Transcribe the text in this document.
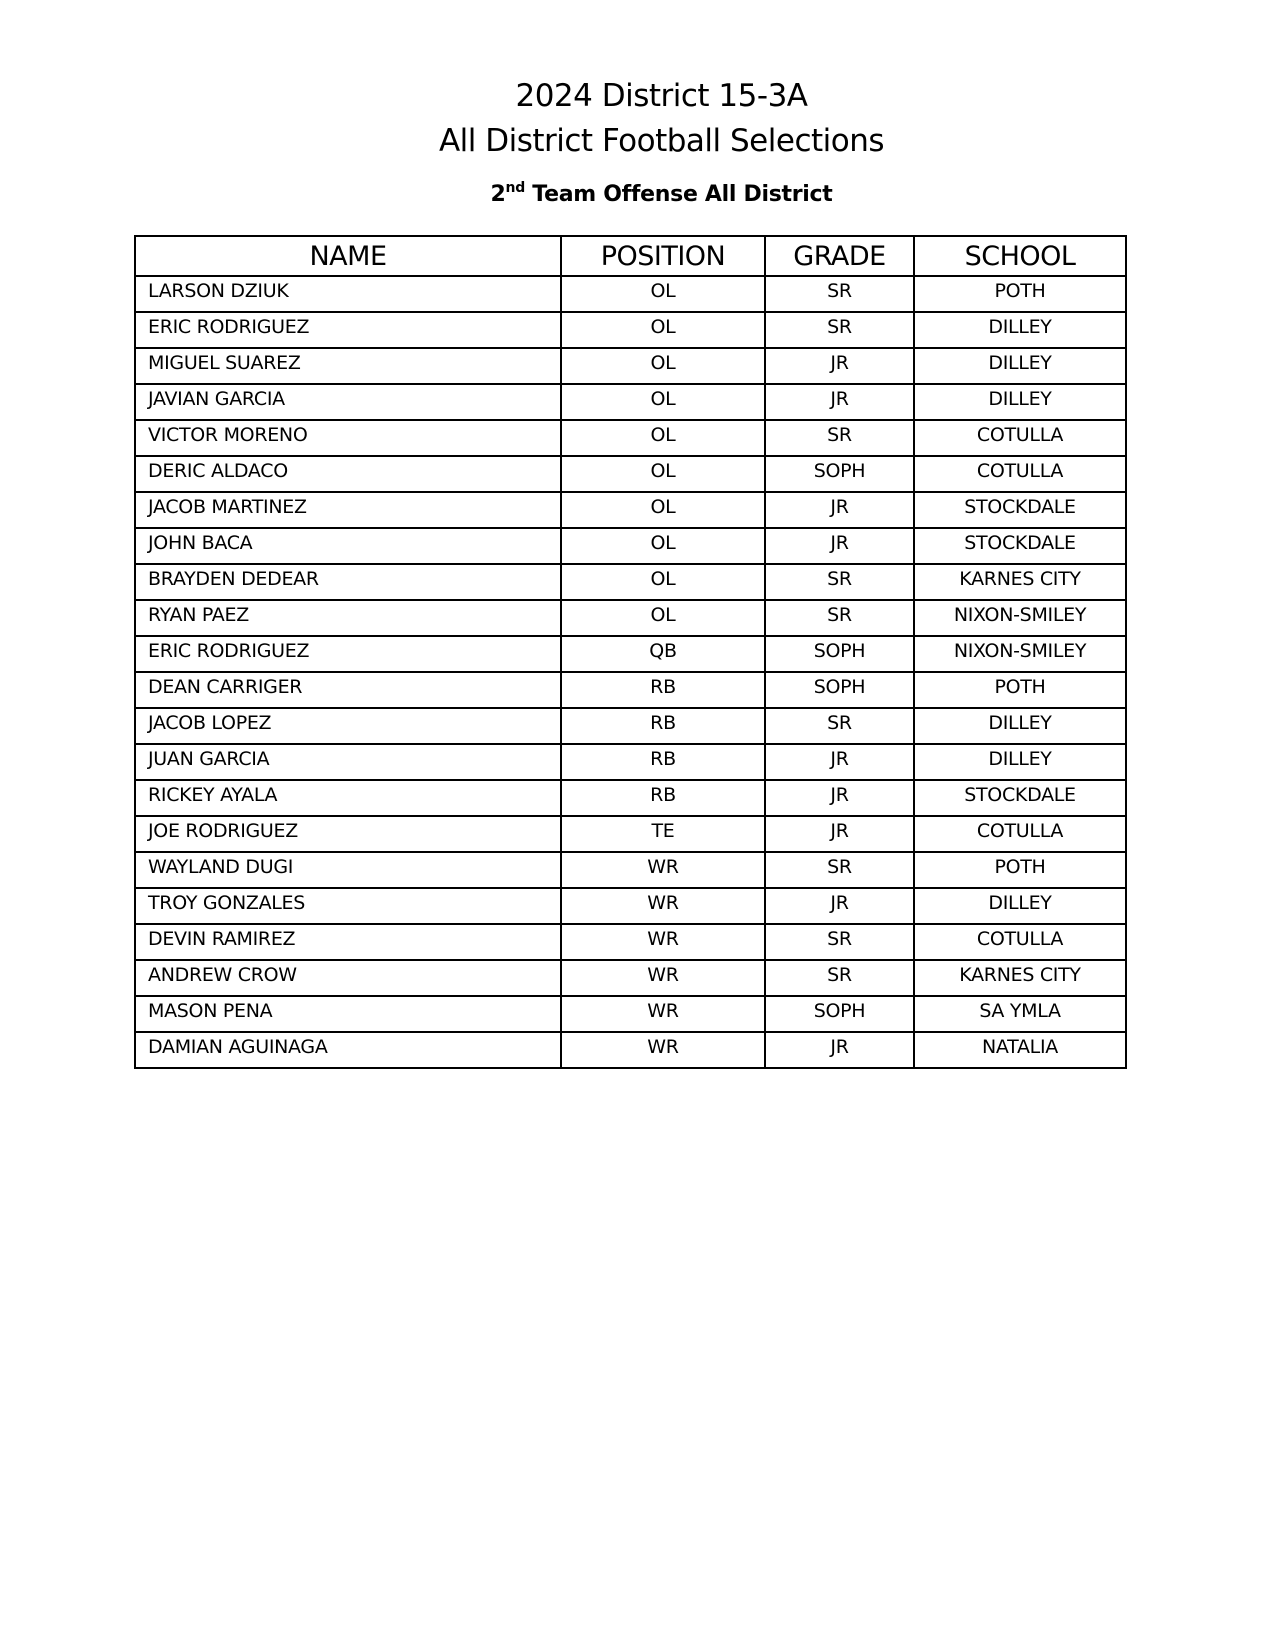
2024 District 15-3A
All District Football Selections
2nd Team Offense All District
NAME	POSITION	GRADE	SCHOOL
LARSON DZIUK	OL	SR	POTH
ERIC RODRIGUEZ	OL	SR	DILLEY
MIGUEL SUAREZ	OL	JR	DILLEY
JAVIAN GARCIA	OL	JR	DILLEY
VICTOR MORENO	OL	SR	COTULLA
DERIC ALDACO	OL	SOPH	COTULLA
JACOB MARTINEZ	OL	JR	STOCKDALE
JOHN BACA	OL	JR	STOCKDALE
BRAYDEN DEDEAR	OL	SR	KARNES CITY
RYAN PAEZ	OL	SR	NIXON-SMILEY
ERIC RODRIGUEZ	QB	SOPH	NIXON-SMILEY
DEAN CARRIGER	RB	SOPH	POTH
JACOB LOPEZ	RB	SR	DILLEY
JUAN GARCIA	RB	JR	DILLEY
RICKEY AYALA	RB	JR	STOCKDALE
JOE RODRIGUEZ	TE	JR	COTULLA
WAYLAND DUGI	WR	SR	POTH
TROY GONZALES	WR	JR	DILLEY
DEVIN RAMIREZ	WR	SR	COTULLA
ANDREW CROW	WR	SR	KARNES CITY
MASON PENA	WR	SOPH	SA YMLA
DAMIAN AGUINAGA	WR	JR	NATALIA
